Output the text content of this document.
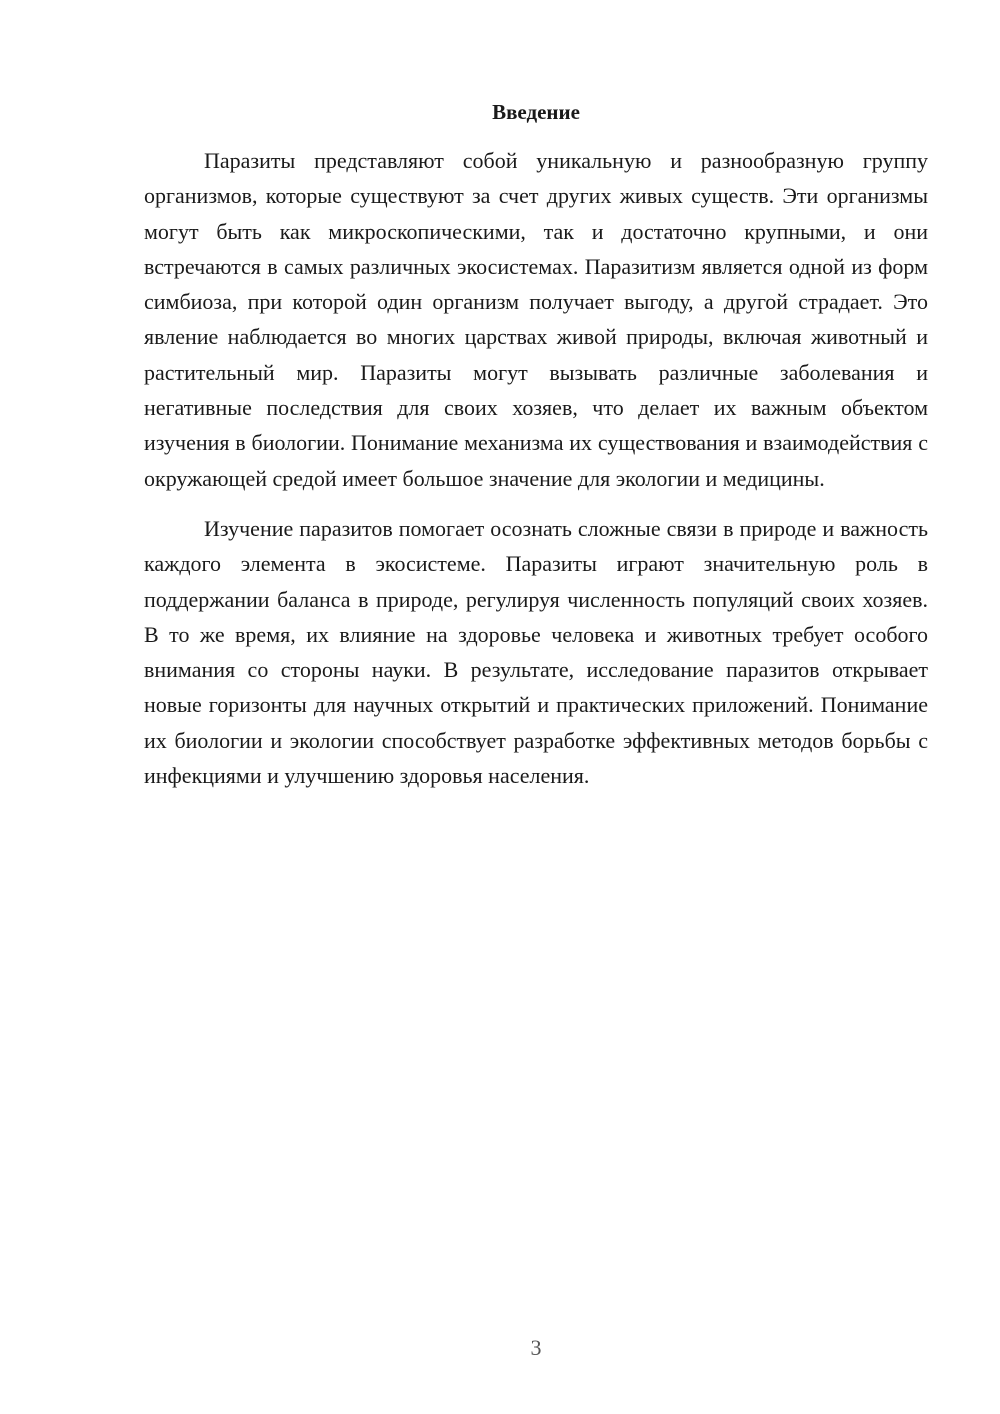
Введение

Паразиты представляют собой уникальную и разнообразную группу организмов, которые существуют за счет других живых существ. Эти организмы могут быть как микроскопическими, так и достаточно крупными, и они встречаются в самых различных экосистемах. Паразитизм является одной из форм симбиоза, при которой один организм получает выгоду, а другой страдает. Это явление наблюдается во многих царствах живой природы, включая животный и растительный мир. Паразиты могут вызывать различные заболевания и негативные последствия для своих хозяев, что делает их важным объектом изучения в биологии. Понимание механизма их существования и взаимодействия с окружающей средой имеет большое значение для экологии и медицины.

Изучение паразитов помогает осознать сложные связи в природе и важность каждого элемента в экосистеме. Паразиты играют значительную роль в поддержании баланса в природе, регулируя численность популяций своих хозяев. В то же время, их влияние на здоровье человека и животных требует особого внимания со стороны науки. В результате, исследование паразитов открывает новые горизонты для научных открытий и практических приложений. Понимание их биологии и экологии способствует разработке эффективных методов борьбы с инфекциями и улучшению здоровья населения.

3
